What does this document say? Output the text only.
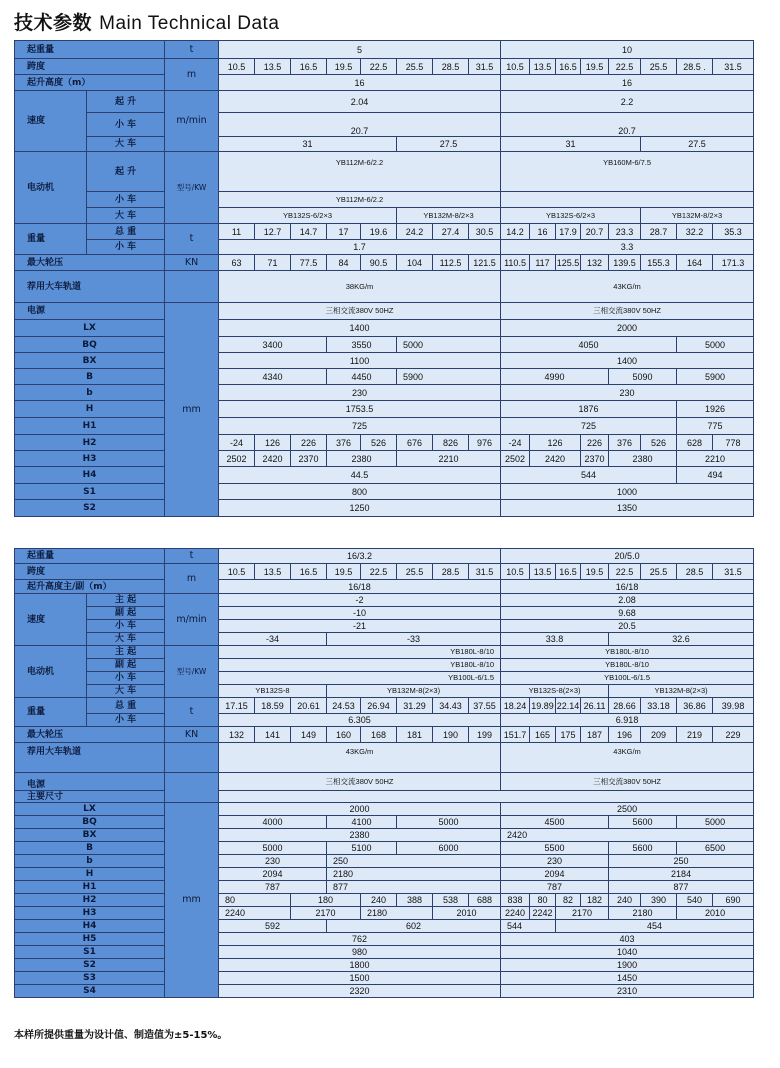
技术参数 Main Technical Data
起重量		t	5								10								
跨度		m	10.5	13.5	16.5	19.5	22.5	25.5	28.5	31.5	10.5	13.5	16.5	19.5	22.5	25.5	28.5 .	31.5	
起升高度（m）			16								16								
速度	起 升	m/min	2.04								2.2								
	小 车		20.7								20.7								
	大 车		31					27.5			31					27.5			
电动机	起 升	型号/KW	YB112M-6/2.2								YB160M-6/7.5								
	小 车		YB112M-6/2.2																
	大 车		YB132S-6/2×3					YB132M-8/2×3			YB132S-6/2×3					YB132M-8/2×3			
重量	总 重	t	11	12.7	14.7	17	19.6	24.2	27.4	30.5	14.2	16	17.9	20.7	23.3	28.7	32.2	35.3	
	小 车		1.7								3.3								
最大轮压		KN	63	71	77.5	84	90.5	104	112.5	121.5	110.5	117	125.5	132	139.5	155.3	164	171.3	
荐用大车轨道			38KG/m								43KG/m								
电源		mm	三相交流380V 50HZ								三相交流380V 50HZ								
LX			1400								2000								
BQ			3400			3550		5000			4050						5000		
BX			1100								1400								
B			4340			4450		5900			4990				5090		5900		
b			230								230								
H			1753.5								1876						1926		
H1			725								725						775		
H2			-24	126	226	376	526	676	826	976	-24	126		226	376	526	628	778	
H3			2502	2420	2370	2380		2210			2502	2420		2370	2380		2210		
H4			44.5								544						494		
S1			800								1000								
S2			1250								1350								
起重量		t	16/3.2								20/5.0								
跨度		m	10.5	13.5	16.5	19.5	22.5	25.5	28.5	31.5	10.5	13.5	16.5	19.5	22.5	25.5	28.5	31.5	
起升高度主/副（m）			16/18								16/18								
速度	主 起	m/min	-2								2.08								
	副 起		-10								9.68								
	小 车		-21								20.5								
	大 车		-34			-33					33.8				32.6				
电动机	主 起	型号/KW	YB180L-8/10								YB180L-8/10								
	副 起		YB180L-8/10								YB180L-8/10								
	小 车		YB100L-6/1.5								YB100L-6/1.5								
	大 车		YB132S-8			YB132M-8(2×3)					YB132S-8(2×3)				YB132M-8(2×3)				
重量	总 重	t	17.15	18.59	20.61	24.53	26.94	31.29	34.43	37.55	18.24	19.89	22.14	26.11	28.66	33.18	36.86	39.98	
	小 车		6.305								6.918								
最大轮压		KN	132	141	149	160	168	181	190	199	151.7	165	175	187	196	209	219	229	
荐用大车轨道			43KG/m								43KG/m								
电源			三相交流380V 50HZ								三相交流380V 50HZ								
主要尺寸																			
LX		mm	2000								2500								
BQ			4000			4100		5000			4500				5600		5000		
BX			2380								2420								
B			5000			5100		6000			5500				5600		6500		
b			230			250					230				250				
H			2094			2180					2094				2184				
H1			787			877					787				877				
H2			80		180		240	388	538	688	838	80	82	182	240	390	540	690	
H3			2240		2170		2180		2010		2240	2242	2170		2180		2010		
H4			592			602					544		454						
H5			762								403								
S1			980								1040								
S2			1800								1900								
S3			1500								1450								
S4			2320								2310								
本样所提供重量为设计值、制造值为±5-15%。
